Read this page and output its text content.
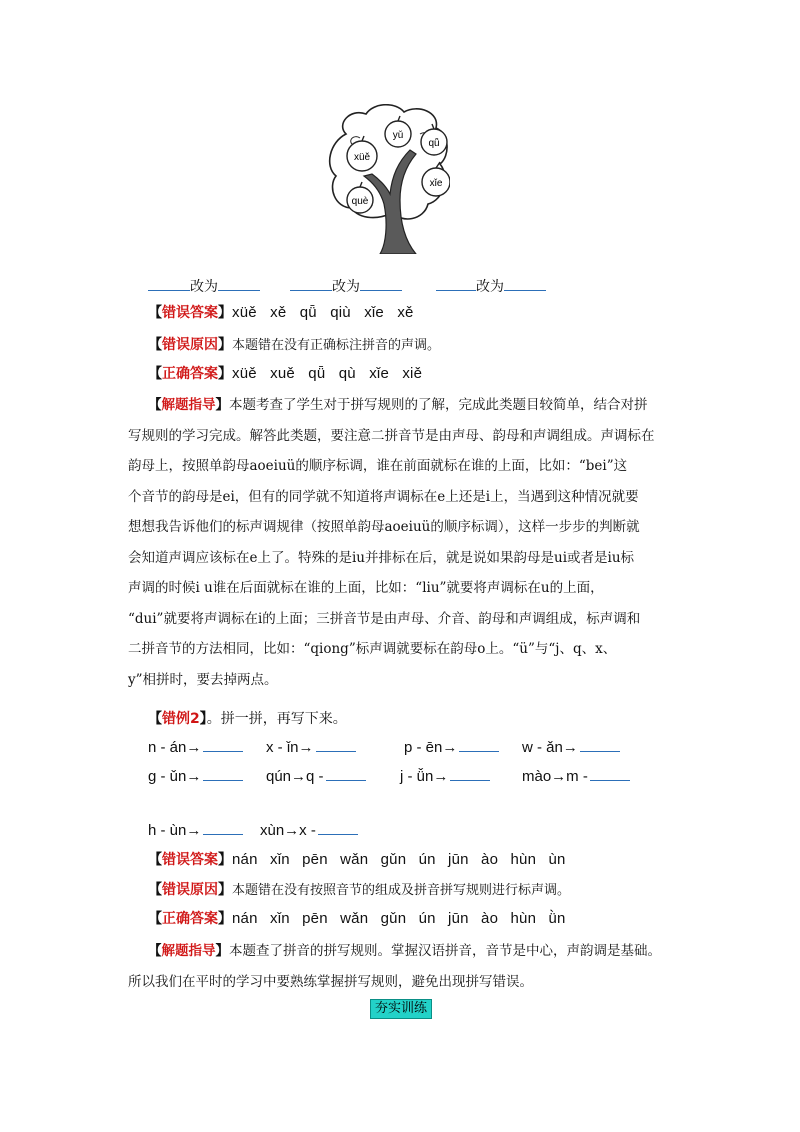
xüě
yǔ
qǖ
xǐe
què
改为	改为	改为
【错误答案】xüě xě qǖ qiù xǐe xě
【错误原因】本题错在没有正确标注拼音的声调。
【正确答案】xüě xuě qǖ qù xǐe xiě
【解题指导】本题考查了学生对于拼写规则的了解，完成此类题目较简单，结合对拼
写规则的学习完成。解答此类题，要注意二拼音节是由声母、韵母和声调组成。声调标在
韵母上，按照单韵母aoeiuü的顺序标调，谁在前面就标在谁的上面，比如：“bei”这
个音节的韵母是ei，但有的同学就不知道将声调标在e上还是i上，当遇到这种情况就要
想想我告诉他们的标声调规律（按照单韵母aoeiuü的顺序标调），这样一步步的判断就
会知道声调应该标在e上了。特殊的是iu并排标在后，就是说如果韵母是ui或者是iu标
声调的时候i u谁在后面就标在谁的上面，比如：“liu”就要将声调标在u的上面，
“dui”就要将声调标在i的上面；三拼音节是由声母、介音、韵母和声调组成，标声调和
二拼音节的方法相同，比如：“qiong”标声调就要标在韵母o上。“ü”与“j、q、x、
y”相拼时，要去掉两点。
【错例2】。拼一拼，再写下来。
n - án→	x - ǐn→	p - ēn→	w - ǎn→
g - ǔn→	qún→q -	j - ǚn→	mào→m -
h - ùn→	xùn→x -
【错误答案】nán xǐn pēn wǎn gǔn ún jūn ào hùn ùn
【错误原因】本题错在没有按照音节的组成及拼音拼写规则进行标声调。
【正确答案】nán xǐn pēn wǎn gǔn ún jūn ào hùn ǜn
【解题指导】本题查了拼音的拼写规则。掌握汉语拼音，音节是中心，声韵调是基础。
所以我们在平时的学习中要熟练掌握拼写规则，避免出现拼写错误。
夯实训练
